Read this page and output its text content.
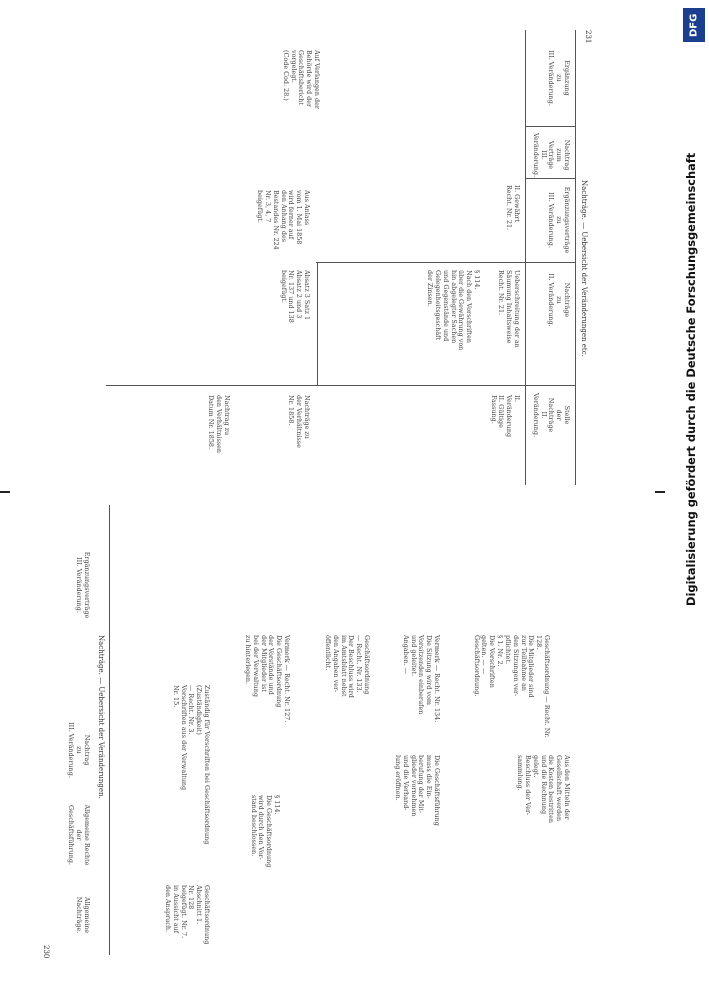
DFG
Digitalisierung gefördert durch die Deutsche Forschungsgemeinschaft
231
Nachträge. — Uebersicht der Veränderungen etc.
Stelle
der
Nachträge
II. Veränderung.
Nachträge
zu
II. Veränderung.
Ergänzungsverträge
zu
III. Veränderung.
Nachtrag
zum
Verträge
III. Veränderung.
Ergänzung
zu
III. Veränderung.
II. Veränderung
II. Gültige Fassung.
Ueberschreitung der an
Säumung Inhaltsweise
Recht. Nr. 21.
§ 114.
Nach den Vorschriften
über die Gewährung von
hin abgelegter Sachen
und Gegenstände und
Gelegenheitsgeschäft
der Zinsen.
II. Gewährt
Recht. Nr. 21.
Nachträge zu
der Verhältnisse
Nr. 1858.
Absatz 3 Satz 1
Absatz 2 und 3
Nr. 137 und 138
beigefügt.
Aus Anlass
vom 1. Mai 1858
wird ferner auf
den Anhang des
Bestandes Nr. 224
Nr. 3, 4, 7
beigefügt.
Auf Verlangen der
Behörde wird der
Geschäftsbericht
vorgelegt.
(Code Cod. 28.)
Nachtrag zu
den Verhältnissen
Datum Nr. 1858.
230
Nachträge. — Uebersicht der Veränderungen.
Allgemeine
Nachträge.
Allgemeine Rechte
der
Geschäftsführung.
Nachtrag
zu
III. Veränderung.
Ergänzungsverträge
III. Veränderung.
Geschäftsordnung
Abschnitt 1.
Nr. 128
beigefügt. Nr. 7.
in Aussicht auf
den Anspruch.
Zuständig für Vorschriften bei Geschäftsordnung (Zuständigkeit)
— Recht. Nr. 3.
Vorschriften aus der Verwaltung
Nr. 15.
§ 114.
Die Geschäftsordnung
wird durch den Vor-
stand beschlossen.
Vermerk — Recht. Nr. 127.
Die Geschäftsordnung
der Vorstände und
der Mitglieder ist
bei der Verwaltung
zu hinterlegen.	Geschäftsordnung
— Recht. Nr. 133.
Der Beschluss wird
im Amtsblatt nebst
den Angaben ver-
öffentlicht.	Vermerk — Recht. Nr. 134.
Die Sitzung wird vom
Vorsitzenden einberufen
und geleitet.
Angaben. —
Die Geschäftsführung
muss die Ein-
berufung der Mit-
glieder vornehmen
und die Verhand-
lung eröffnen.
Geschäftsordnung — Recht. Nr. 128.
Die Mitglieder sind
zur Teilnahme an
den Sitzungen ver-
pflichtet.
§ 1. Nr. 2.
Die Vorschriften
gelten. — —
Geschäftsordnung.
Aus den Mitteln der
Gesellschaft werden
die Kosten bestritten
und die Rechnung
gelegt.
Beschluss der Ver-
sammlung.
